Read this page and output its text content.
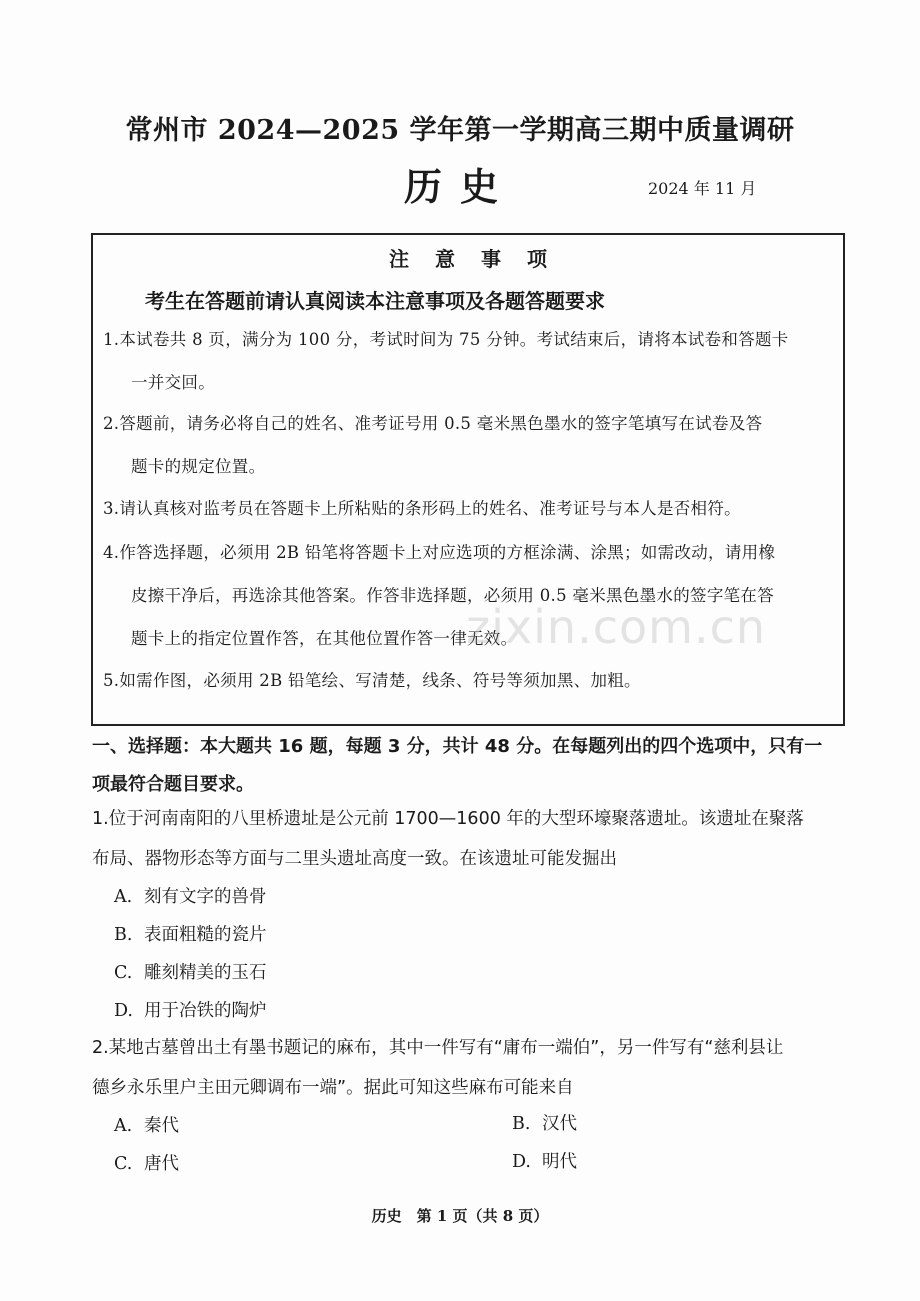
常州市 2024—2025 学年第一学期高三期中质量调研
历史	2024 年 11 月
注意事项
考生在答题前请认真阅读本注意事项及各题答题要求
1.本试卷共 8 页，满分为 100 分，考试时间为 75 分钟。考试结束后，请将本试卷和答题卡
一并交回。
2.答题前，请务必将自己的姓名、准考证号用 0.5 毫米黑色墨水的签字笔填写在试卷及答
题卡的规定位置。
3.请认真核对监考员在答题卡上所粘贴的条形码上的姓名、准考证号与本人是否相符。
4.作答选择题，必须用 2B 铅笔将答题卡上对应选项的方框涂满、涂黑；如需改动，请用橡
皮擦干净后，再选涂其他答案。作答非选择题，必须用 0.5 毫米黑色墨水的签字笔在答
题卡上的指定位置作答，在其他位置作答一律无效。
5.如需作图，必须用 2B 铅笔绘、写清楚，线条、符号等须加黑、加粗。
zixin.com.cn
一、选择题：本大题共 16 题，每题 3 分，共计 48 分。在每题列出的四个选项中，只有一
项最符合题目要求。
1.位于河南南阳的八里桥遗址是公元前 1700—1600 年的大型环壕聚落遗址。该遗址在聚落
布局、器物形态等方面与二里头遗址高度一致。在该遗址可能发掘出
A. 刻有文字的兽骨
B. 表面粗糙的瓷片
C. 雕刻精美的玉石
D. 用于冶铁的陶炉
2.某地古墓曾出土有墨书题记的麻布，其中一件写有“庸布一端伯”，另一件写有“慈利县让
德乡永乐里户主田元卿调布一端”。据此可知这些麻布可能来自
A. 秦代	B. 汉代
C. 唐代	D. 明代
历史　第 1 页（共 8 页）
